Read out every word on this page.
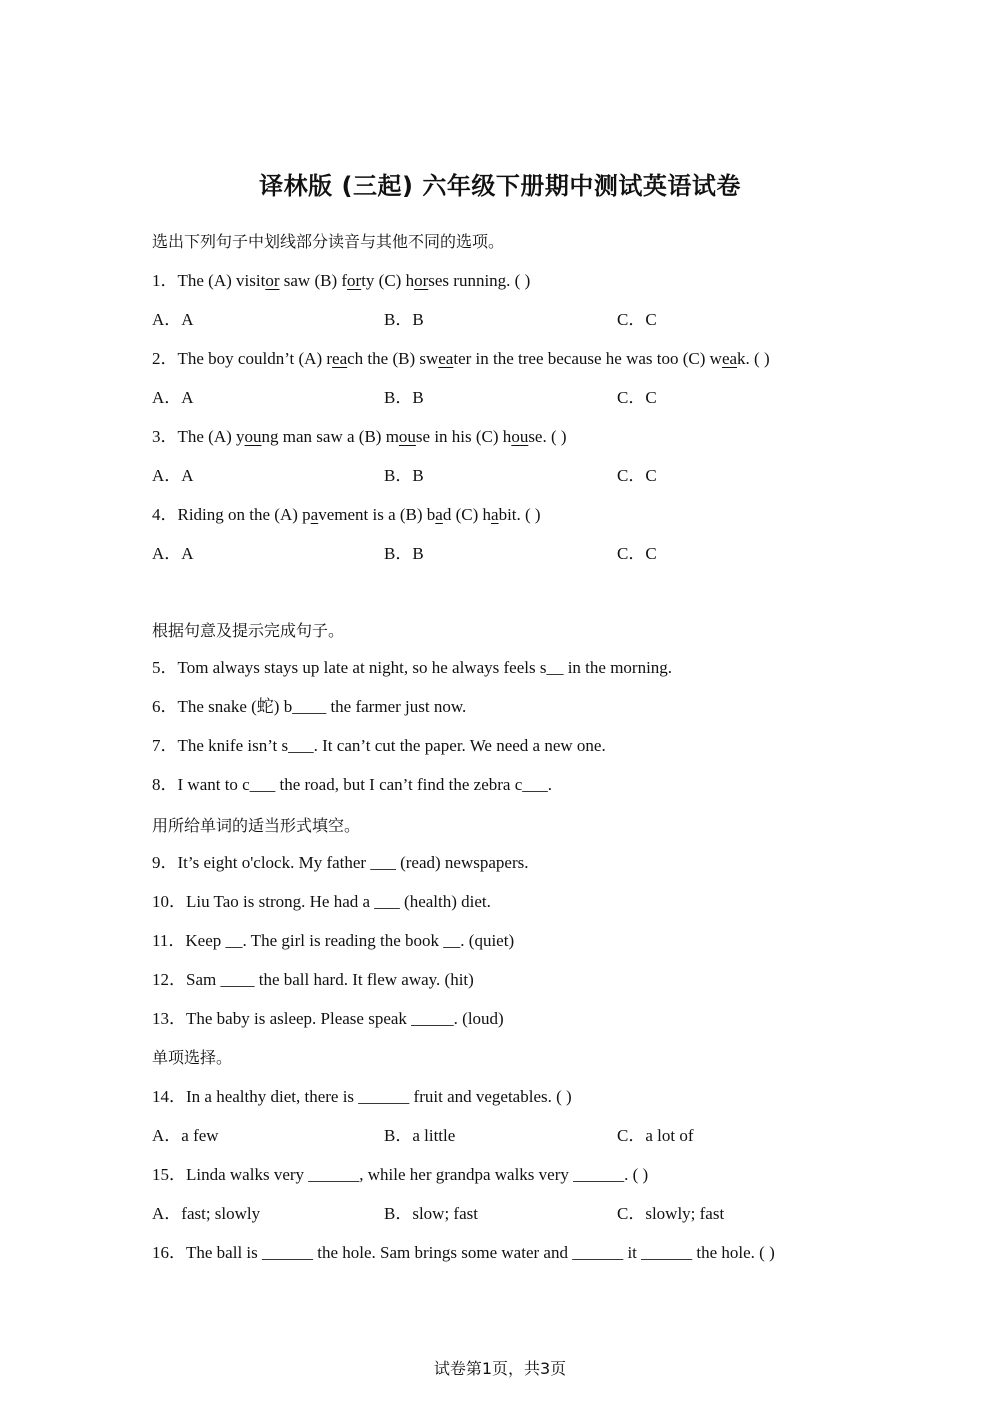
译林版 (三起) 六年级下册期中测试英语试卷
选出下列句子中划线部分读音与其他不同的选项。
1．The (A) visitor saw (B) forty (C) horses running. ( )
A．A	B．B	C．C
2．The boy couldn’t (A) reach the (B) sweater in the tree because he was too (C) weak. ( )
A．A	B．B	C．C
3．The (A) young man saw a (B) mouse in his (C) house. ( )
A．A	B．B	C．C
4．Riding on the (A) pavement is a (B) bad (C) habit. ( )
A．A	B．B	C．C
根据句意及提示完成句子。
5．Tom always stays up late at night, so he always feels s__ in the morning.
6．The snake (蛇) b____ the farmer just now.
7．The knife isn’t s___. It can’t cut the paper. We need a new one.
8．I want to c___ the road, but I can’t find the zebra c___.
用所给单词的适当形式填空。
9．It’s eight o'clock. My father ___ (read) newspapers.
10．Liu Tao is strong. He had a ___ (health) diet.
11．Keep __. The girl is reading the book __. (quiet)
12．Sam ____ the ball hard. It flew away. (hit)
13．The baby is asleep. Please speak _____. (loud)
单项选择。
14．In a healthy diet, there is ______ fruit and vegetables. ( )
A．a few	B．a little	C．a lot of
15．Linda walks very ______, while her grandpa walks very ______. ( )
A．fast; slowly	B．slow; fast	C．slowly; fast
16．The ball is ______ the hole. Sam brings some water and ______ it ______ the hole. ( )
试卷第1页，共3页
